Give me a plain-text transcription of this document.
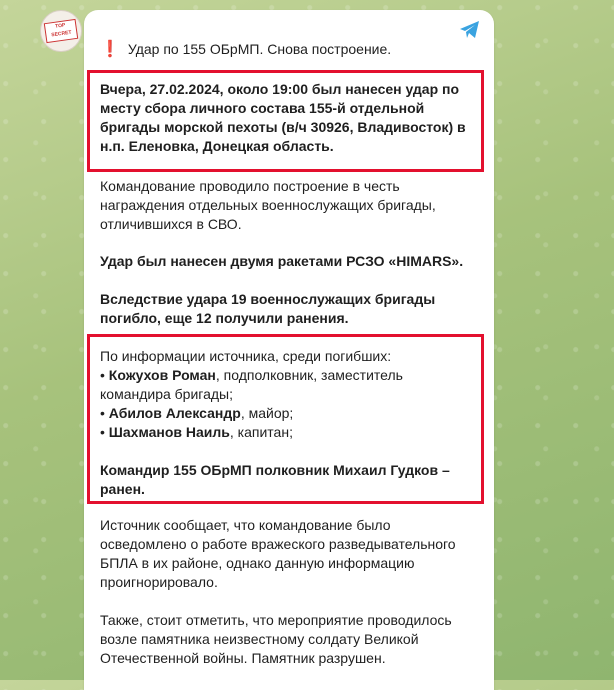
TOP SECRET
❗ Удар по 155 ОБрМП. Снова построение.
Вчера, 27.02.2024, около 19:00 был нанесен удар по месту сбора личного состава 155-й отдельной бригады морской пехоты (в/ч 30926, Владивосток) в н.п. Еленовка, Донецкая область.
Командование проводило построение в честь награждения отдельных военнослужащих бригады, отличившихся в СВО.
Удар был нанесен двумя ракетами РСЗО «HIMARS».
Вследствие удара 19 военнослужащих бригады погибло, еще 12 получили ранения.
По информации источника, среди погибших:
• Кожухов Роман, подполковник, заместитель командира бригады;
• Абилов Александр, майор;
• Шахманов Наиль, капитан;
Командир 155 ОБрМП полковник Михаил Гудков – ранен.
Источник сообщает, что командование было осведомлено о работе вражеского разведывательного БПЛА в их районе, однако данную информацию проигнорировало.
Также, стоит отметить, что мероприятие проводилось возле памятника неизвестному солдату Великой Отечественной войны. Памятник разрушен.
